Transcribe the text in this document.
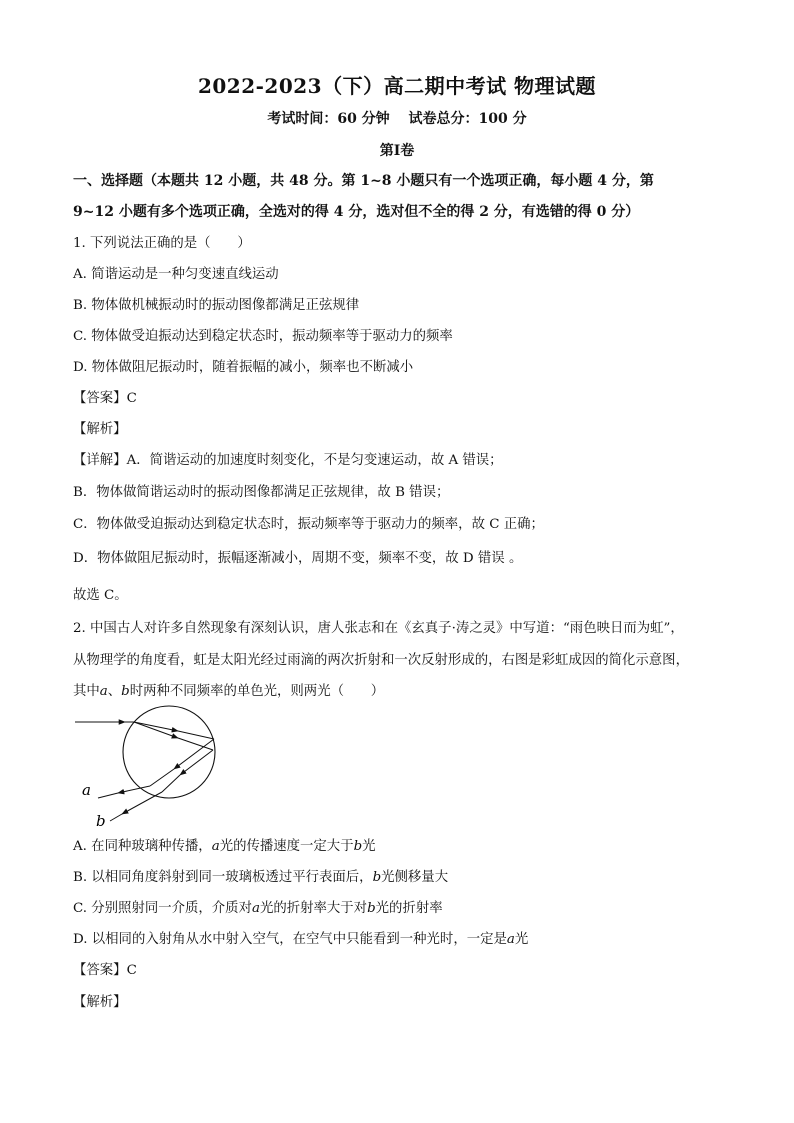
2022-2023（下）高二期中考试 物理试题
考试时间：60 分钟　 试卷总分：100 分
第Ⅰ卷
一、选择题（本题共 12 小题，共 48 分。第 1~8 小题只有一个选项正确，每小题 4 分，第
9~12 小题有多个选项正确，全选对的得 4 分，选对但不全的得 2 分，有选错的得 0 分）
1. 下列说法正确的是（　　）
A. 简谐运动是一种匀变速直线运动
B. 物体做机械振动时的振动图像都满足正弦规律
C. 物体做受迫振动达到稳定状态时，振动频率等于驱动力的频率
D. 物体做阻尼振动时，随着振幅的减小，频率也不断减小
【答案】C
【解析】
【详解】A．简谐运动的加速度时刻变化，不是匀变速运动，故 A 错误；
B．物体做简谐运动时的振动图像都满足正弦规律，故 B 错误；
C．物体做受迫振动达到稳定状态时，振动频率等于驱动力的频率，故 C 正确；
D．物体做阻尼振动时，振幅逐渐减小，周期不变，频率不变，故 D 错误 。
故选 C。
2. 中国古人对许多自然现象有深刻认识，唐人张志和在《玄真子·涛之灵》中写道：“雨色映日而为虹”，
从物理学的角度看，虹是太阳光经过雨滴的两次折射和一次反射形成的，右图是彩虹成因的简化示意图，
其中a、b时两种不同频率的单色光，则两光（　　）
a
b
A. 在同种玻璃种传播，a光的传播速度一定大于b光
B. 以相同角度斜射到同一玻璃板透过平行表面后，b光侧移量大
C. 分别照射同一介质，介质对a光的折射率大于对b光的折射率
D. 以相同的入射角从水中射入空气，在空气中只能看到一种光时，一定是a光
【答案】C
【解析】
